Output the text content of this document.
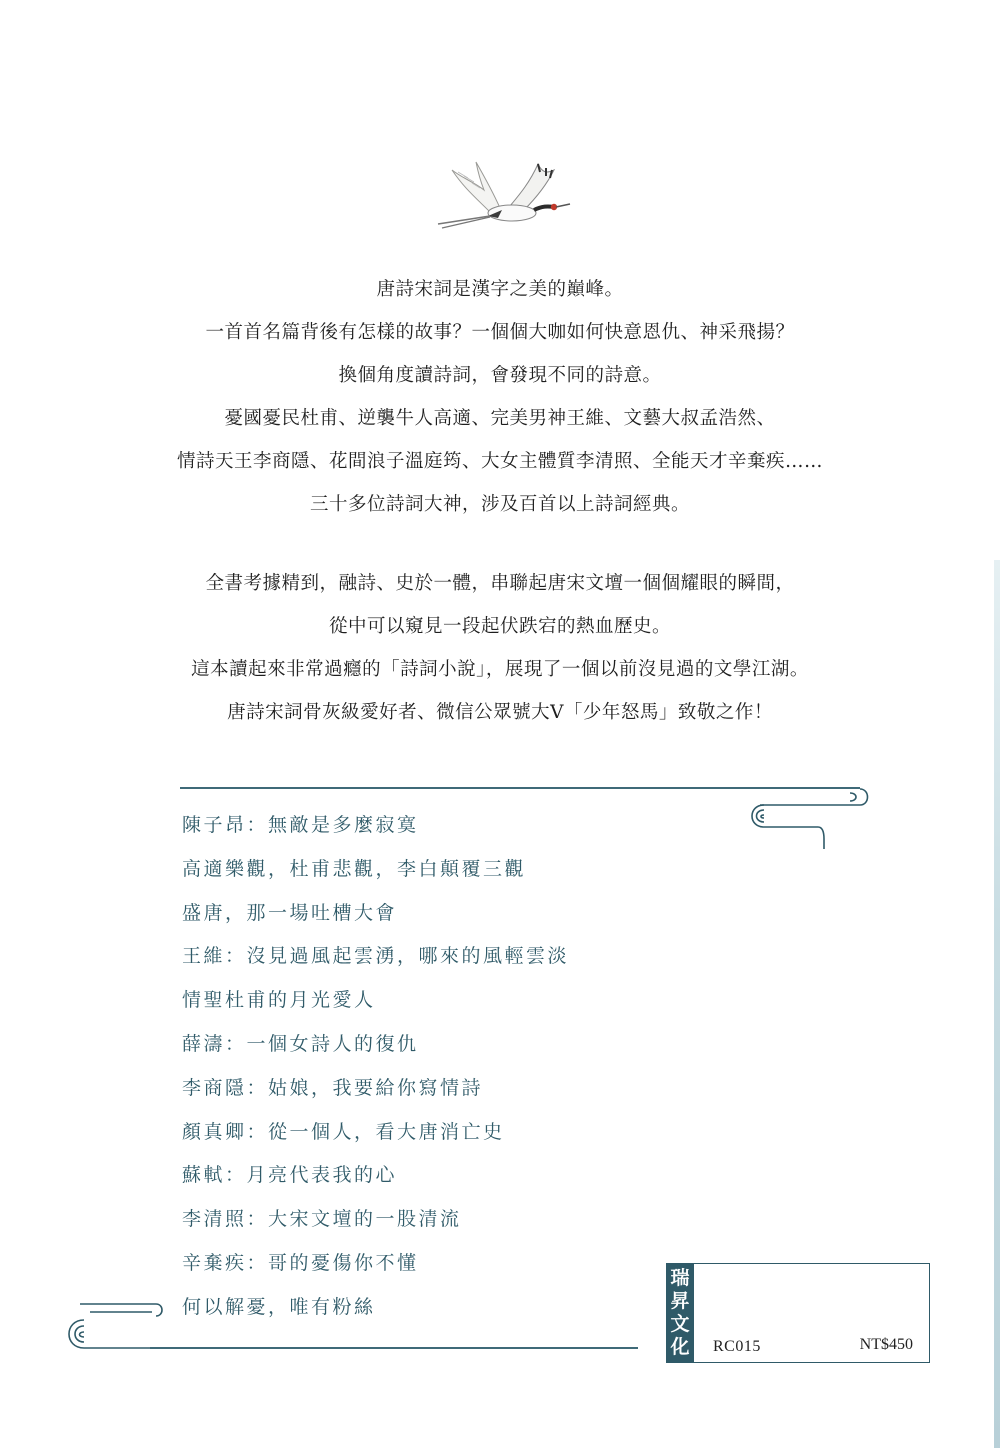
唐詩宋詞是漢字之美的巔峰。

一首首名篇背後有怎樣的故事？一個個大咖如何快意恩仇、神采飛揚？

換個角度讀詩詞，會發現不同的詩意。

憂國憂民杜甫、逆襲牛人高適、完美男神王維、文藝大叔孟浩然、

情詩天王李商隱、花間浪子溫庭筠、大女主體質李清照、全能天才辛棄疾……

三十多位詩詞大神，涉及百首以上詩詞經典。

全書考據精到，融詩、史於一體，串聯起唐宋文壇一個個耀眼的瞬間，

從中可以窺見一段起伏跌宕的熱血歷史。

這本讀起來非常過癮的「詩詞小說」，展現了一個以前沒見過的文學江湖。

唐詩宋詞骨灰級愛好者、微信公眾號大V「少年怒馬」致敬之作！

陳子昂：無敵是多麼寂寞
高適樂觀，杜甫悲觀，李白顛覆三觀
盛唐，那一場吐槽大會
王維：沒見過風起雲湧，哪來的風輕雲淡
情聖杜甫的月光愛人
薛濤：一個女詩人的復仇
李商隱：姑娘，我要給你寫情詩
顏真卿：從一個人，看大唐消亡史
蘇軾：月亮代表我的心
李清照：大宋文壇的一股清流
辛棄疾：哥的憂傷你不懂
何以解憂，唯有粉絲
瑞
昇
文
化 RC015	NT$450
